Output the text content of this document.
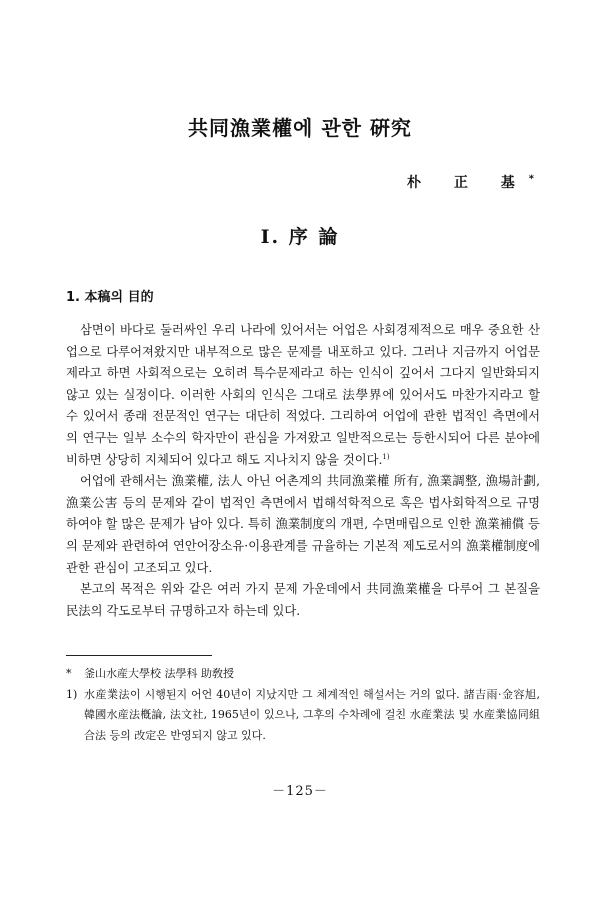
共同漁業權에 관한 硏究
朴 正 基*
Ⅰ. 序 論
1. 本稿의 目的

삼면이 바다로 둘러싸인 우리 나라에 있어서는 어업은 사회경제적으로 매우 중요한 산업으로 다루어져왔지만 내부적으로 많은 문제를 내포하고 있다. 그러나 지금까지 어업문제라고 하면 사회적으로는 오히려 특수문제라고 하는 인식이 깊어서 그다지 일반화되지 않고 있는 실정이다. 이러한 사회의 인식은 그대로 法學界에 있어서도 마찬가지라고 할 수 있어서 종래 전문적인 연구는 대단히 적었다. 그리하여 어업에 관한 법적인 측면에서의 연구는 일부 소수의 학자만이 관심을 가져왔고 일반적으로는 등한시되어 다른 분야에 비하면 상당히 지체되어 있다고 해도 지나치지 않을 것이다.$^{1)}$

어업에 관해서는 漁業權, 法人 아닌 어촌계의 共同漁業權 所有, 漁業調整, 漁場計劃, 漁業公害 등의 문제와 같이 법적인 측면에서 법해석학적으로 혹은 법사회학적으로 규명하여야 할 많은 문제가 남아 있다. 특히 漁業制度의 개편, 수면매립으로 인한 漁業補償 등의 문제와 관련하여 연안어장소유·이용관계를 규율하는 기본적 제도로서의 漁業權制度에 관한 관심이 고조되고 있다.

본고의 목적은 위와 같은 여러 가지 문제 가운데에서 共同漁業權을 다루어 그 본질을 民法의 각도로부터 규명하고자 하는데 있다.

* 釜山水産大學校 法學科 助敎授
1) 水産業法이 시행된지 어언 40년이 지났지만 그 체계적인 해설서는 거의 없다. 諸吉雨·金容旭, 韓國水産法槪論, 法文社, 1965년이 있으나, 그후의 수차례에 걸친 水産業法 및 水産業協同組合法 등의 改定은 반영되지 않고 있다.
－125－
